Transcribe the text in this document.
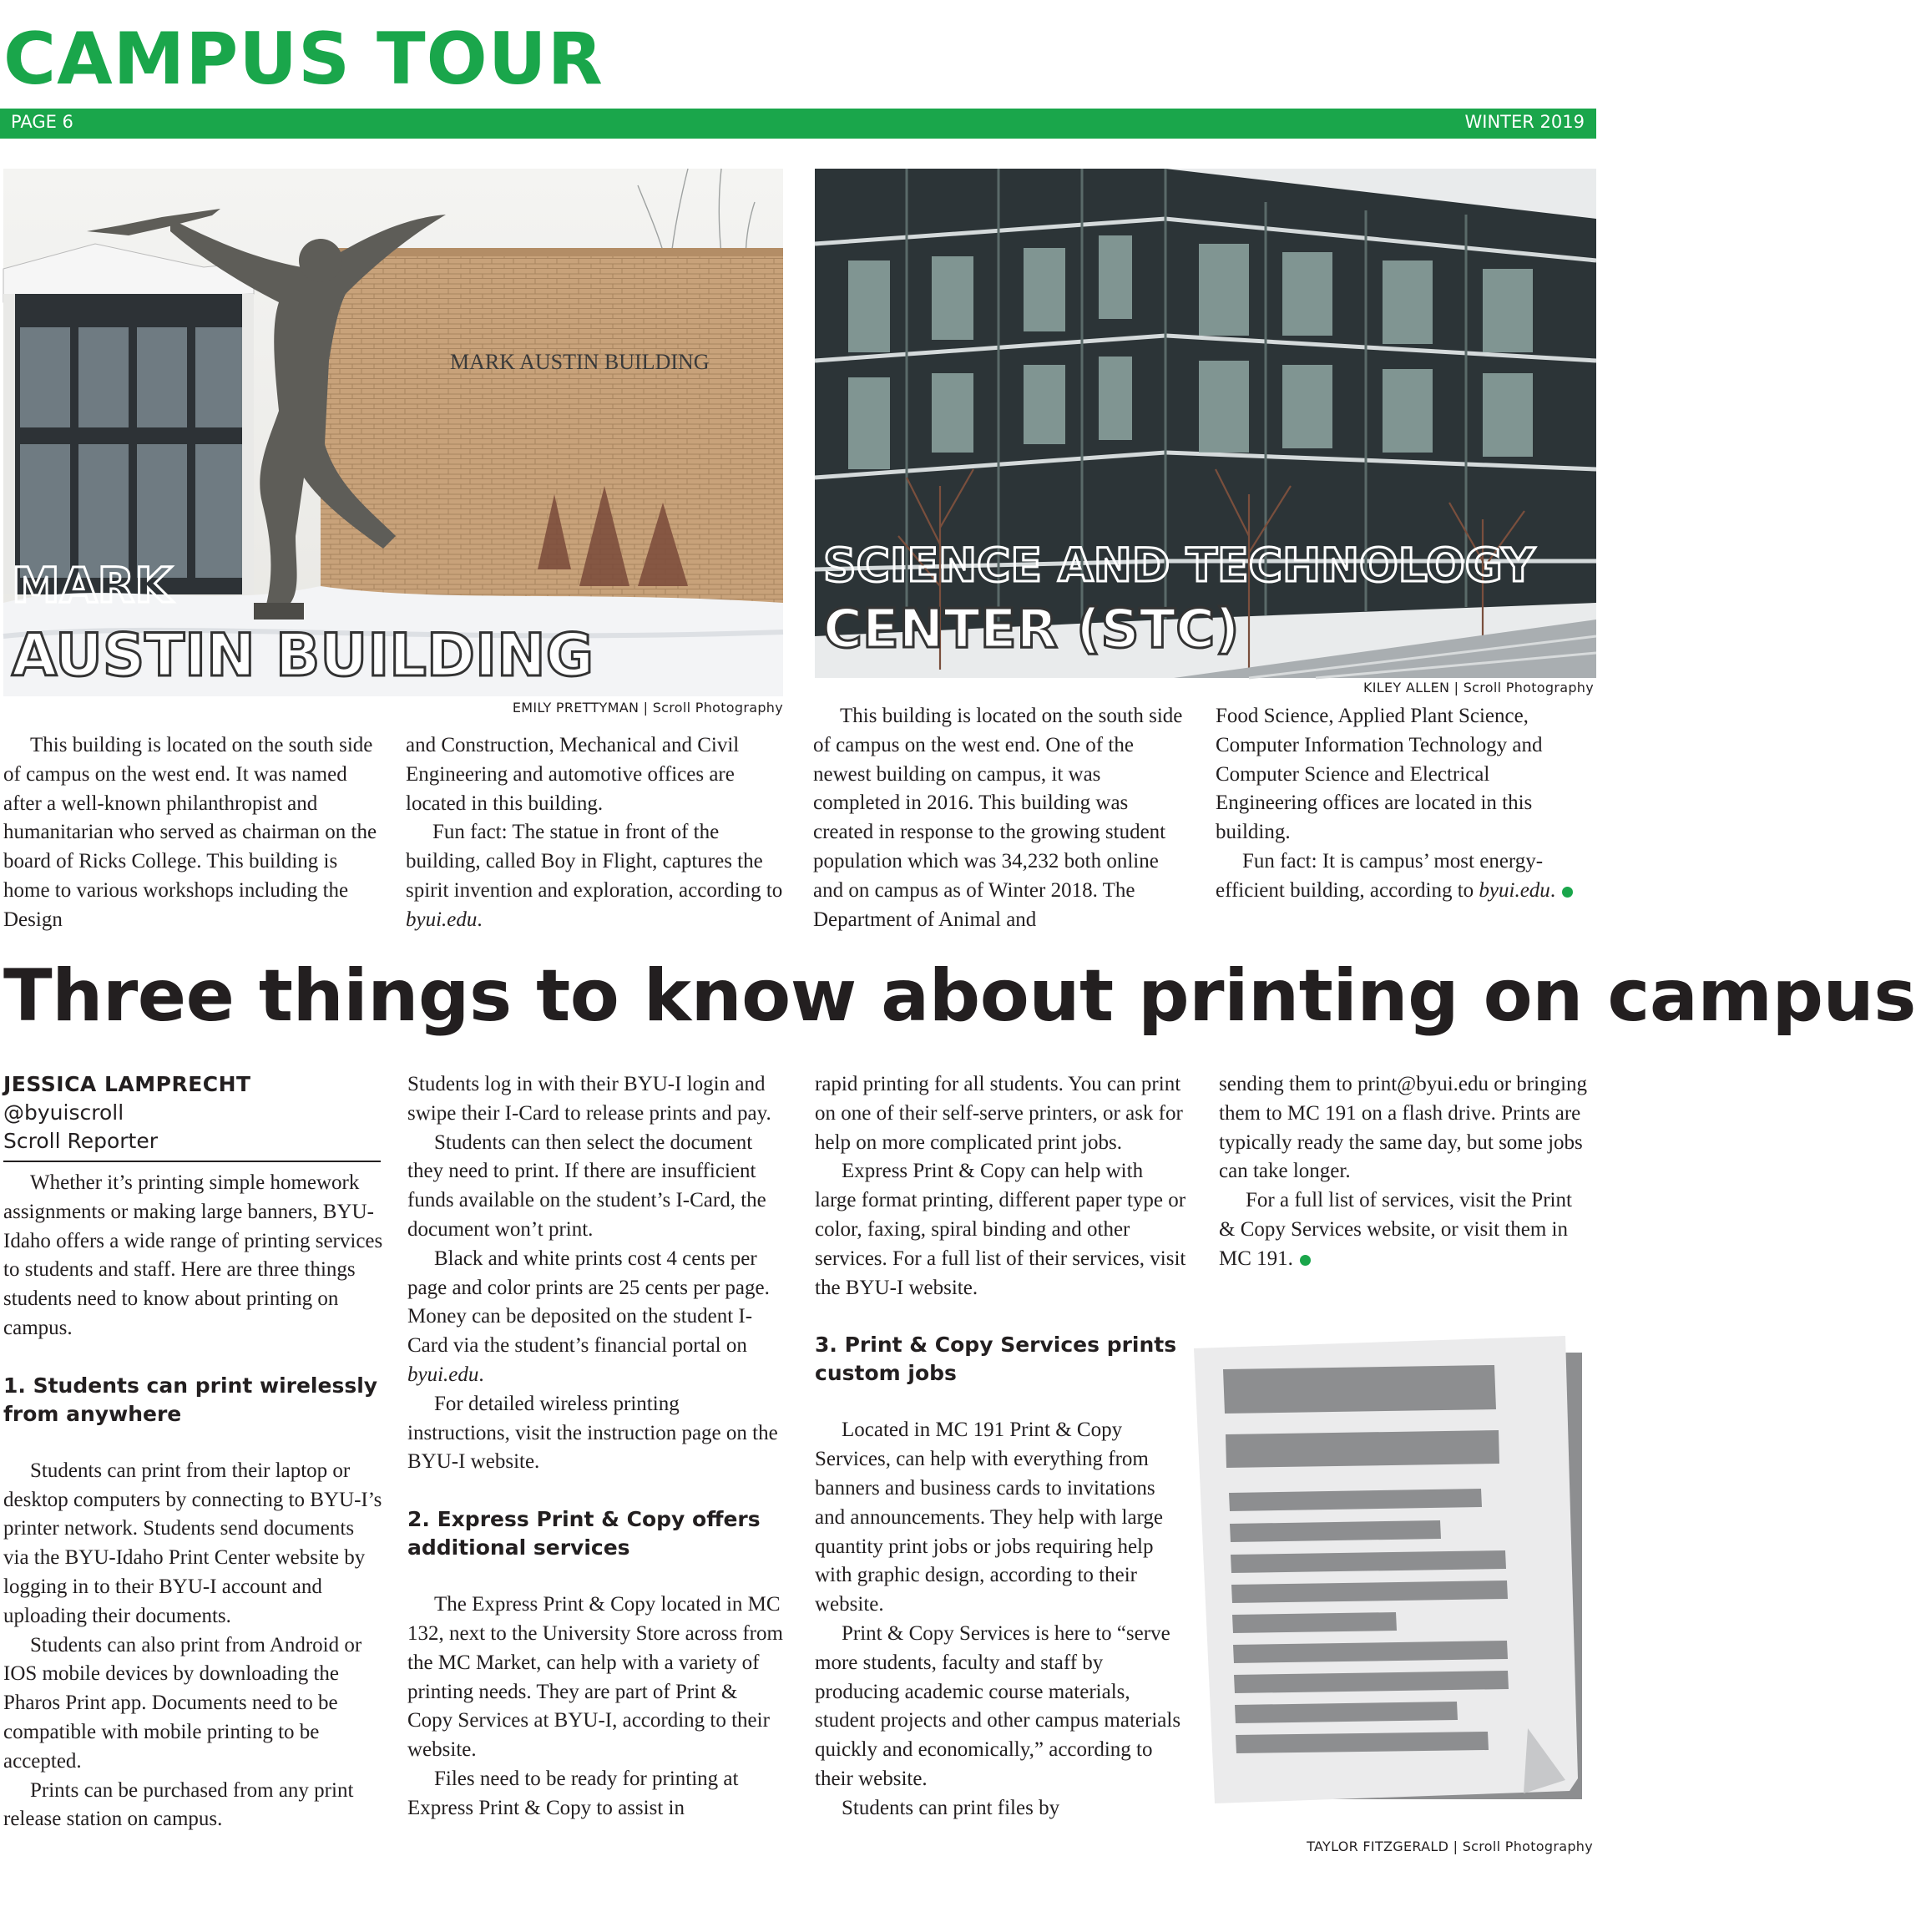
CAMPUS TOUR
PAGE 6	WINTER 2019
MARK AUSTIN BUILDING
MARK
AUSTIN BUILDING
EMILY PRETTYMAN | Scroll Photography
SCIENCE AND TECHNOLOGY
CENTER (STC)
KILEY ALLEN | Scroll Photography

This building is located on the south side of campus on the west end. It was named after a well-known philanthropist and humanitarian who served as chairman on the board of Ricks College. This building is home to various workshops including the Design

and Construction, Mechanical and Civil Engineering and automotive offices are located in this building.

Fun fact: The statue in front of the building, called Boy in Flight, captures the spirit invention and exploration, according to byui.edu.

This building is located on the south side of campus on the west end. One of the newest building on campus, it was completed in 2016. This building was created in response to the growing student population which was 34,232 both online and on campus as of Winter 2018. The Department of Animal and

Food Science, Applied Plant Science, Computer Information Technology and Computer Science and Electrical Engineering offices are located in this building.

Fun fact: It is campus’ most energy-efficient building, according to byui.edu.

Three things to know about printing on campus
JESSICA LAMPRECHT
@byuiscroll
Scroll Reporter

Whether it’s printing simple homework assignments or making large banners, BYU-Idaho offers a wide range of printing services to students and staff. Here are three things students need to know about printing on campus.

1. Students can print wirelessly from anywhere

Students can print from their laptop or desktop computers by connecting to BYU-I’s printer network. Students send documents via the BYU-Idaho Print Center website by logging in to their BYU-I account and uploading their documents.

Students can also print from Android or IOS mobile devices by downloading the Pharos Print app. Documents need to be compatible with mobile printing to be accepted.

Prints can be purchased from any print release station on campus.

Students log in with their BYU-I login and swipe their I-Card to release prints and pay.

Students can then select the document they need to print. If there are insufficient funds available on the student’s I-Card, the document won’t print.

Black and white prints cost 4 cents per page and color prints are 25 cents per page. Money can be deposited on the student I-Card via the student’s financial portal on byui.edu.

For detailed wireless printing instructions, visit the instruction page on the BYU-I website.

2. Express Print & Copy offers additional services

The Express Print & Copy located in MC 132, next to the University Store across from the MC Market, can help with a variety of printing needs. They are part of Print & Copy Services at BYU-I, according to their website.

Files need to be ready for printing at Express Print & Copy to assist in

rapid printing for all students. You can print on one of their self-serve printers, or ask for help on more complicated print jobs.

Express Print & Copy can help with large format printing, different paper type or color, faxing, spiral binding and other services. For a full list of their services, visit the BYU-I website.

3. Print & Copy Services prints custom jobs

Located in MC 191 Print & Copy Services, can help with everything from banners and business cards to invitations and announcements. They help with large quantity print jobs or jobs requiring help with graphic design, according to their website.

Print & Copy Services is here to “serve more students, faculty and staff by producing academic course materials, student projects and other campus materials quickly and economically,” according to their website.

Students can print files by

sending them to print@byui.edu or bringing them to MC 191 on a flash drive. Prints are typically ready the same day, but some jobs can take longer.

For a full list of services, visit the Print & Copy Services website, or visit them in MC 191.

TAYLOR FITZGERALD | Scroll Photography
